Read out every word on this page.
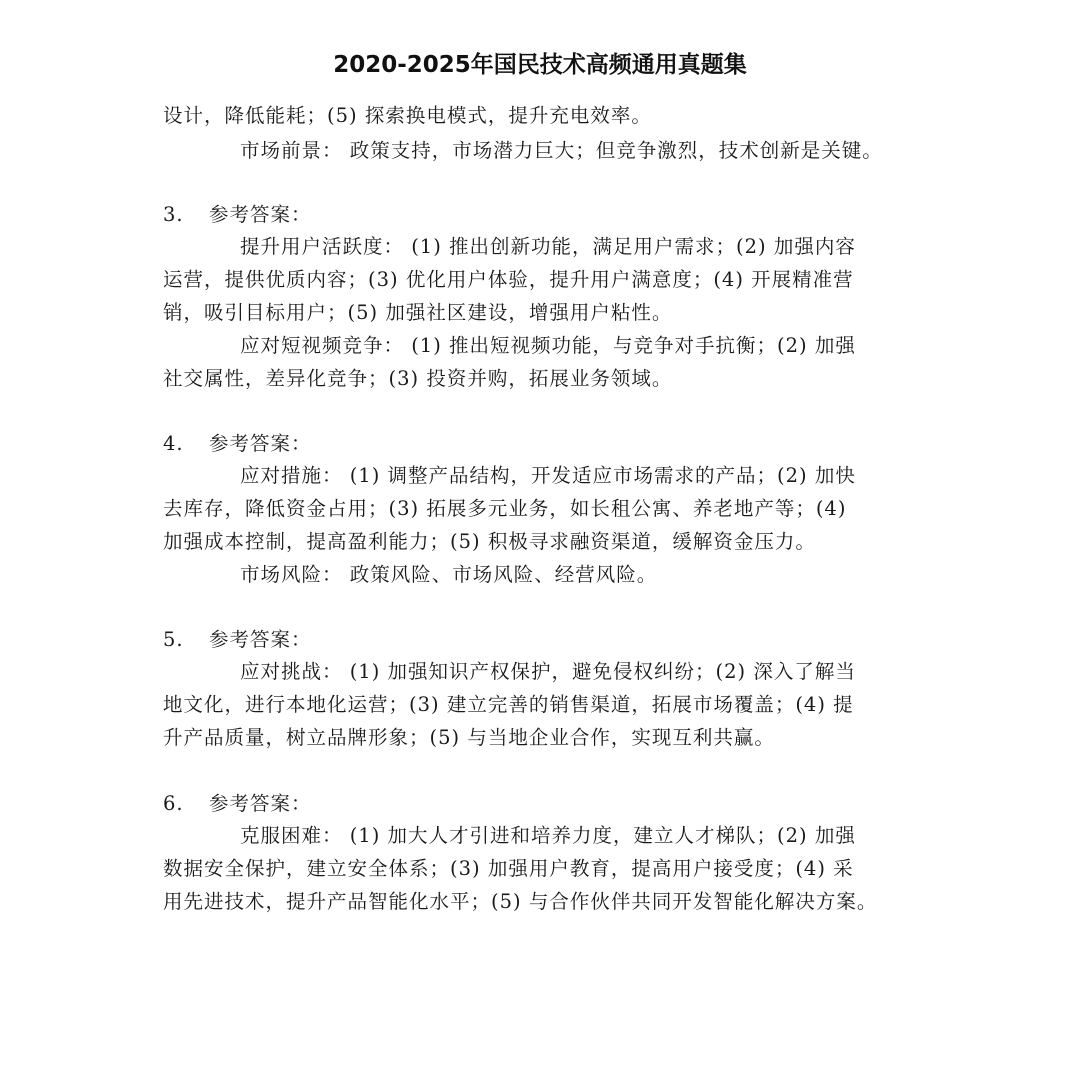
2020-2025年国民技术高频通用真题集
设计，降低能耗；(5) 探索换电模式，提升充电效率。
市场前景： 政策支持，市场潜力巨大；但竞争激烈，技术创新是关键。
3. 参考答案：
提升用户活跃度： (1) 推出创新功能，满足用户需求；(2) 加强内容
运营，提供优质内容；(3) 优化用户体验，提升用户满意度；(4) 开展精准营
销，吸引目标用户；(5) 加强社区建设，增强用户粘性。
应对短视频竞争： (1) 推出短视频功能，与竞争对手抗衡；(2) 加强
社交属性，差异化竞争；(3) 投资并购，拓展业务领域。
4. 参考答案：
应对措施： (1) 调整产品结构，开发适应市场需求的产品；(2) 加快
去库存，降低资金占用；(3) 拓展多元业务，如长租公寓、养老地产等；(4)
加强成本控制，提高盈利能力；(5) 积极寻求融资渠道，缓解资金压力。
市场风险： 政策风险、市场风险、经营风险。
5. 参考答案：
应对挑战： (1) 加强知识产权保护，避免侵权纠纷；(2) 深入了解当
地文化，进行本地化运营；(3) 建立完善的销售渠道，拓展市场覆盖；(4) 提
升产品质量，树立品牌形象；(5) 与当地企业合作，实现互利共赢。
6. 参考答案：
克服困难： (1) 加大人才引进和培养力度，建立人才梯队；(2) 加强
数据安全保护，建立安全体系；(3) 加强用户教育，提高用户接受度；(4) 采
用先进技术，提升产品智能化水平；(5) 与合作伙伴共同开发智能化解决方案。
